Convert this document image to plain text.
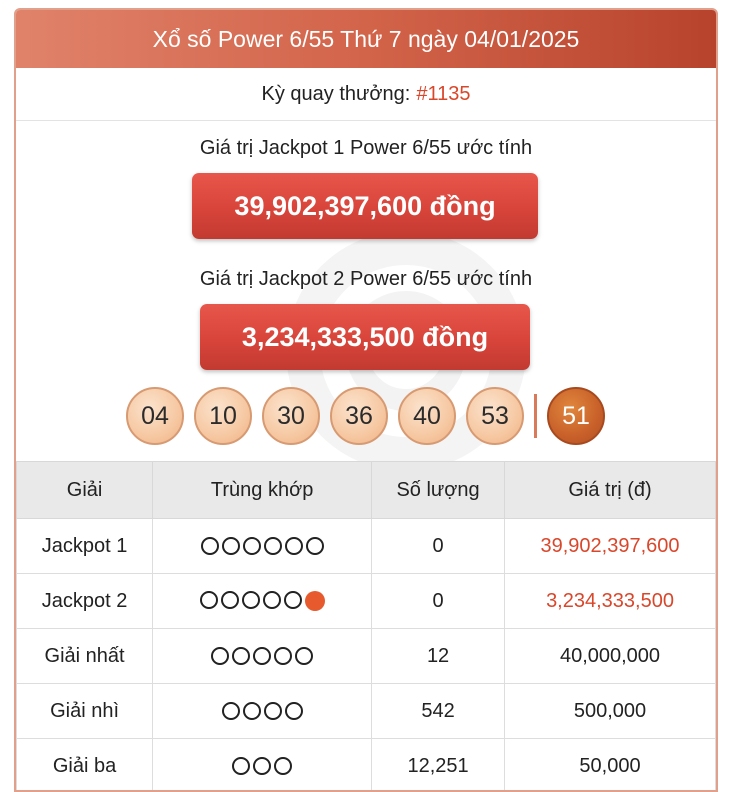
Xổ số Power 6/55 Thứ 7 ngày 04/01/2025
Kỳ quay thưởng: #1135
Giá trị Jackpot 1 Power 6/55 ước tính
39,902,397,600 đồng
Giá trị Jackpot 2 Power 6/55 ước tính
3,234,333,500 đồng
04	10	30	36	40	53	51
Giải	Trùng khớp	Số lượng	Giá trị (đ)
Jackpot 1		0	39,902,397,600
Jackpot 2		0	3,234,333,500
Giải nhất		12	40,000,000
Giải nhì		542	500,000
Giải ba		12,251	50,000
